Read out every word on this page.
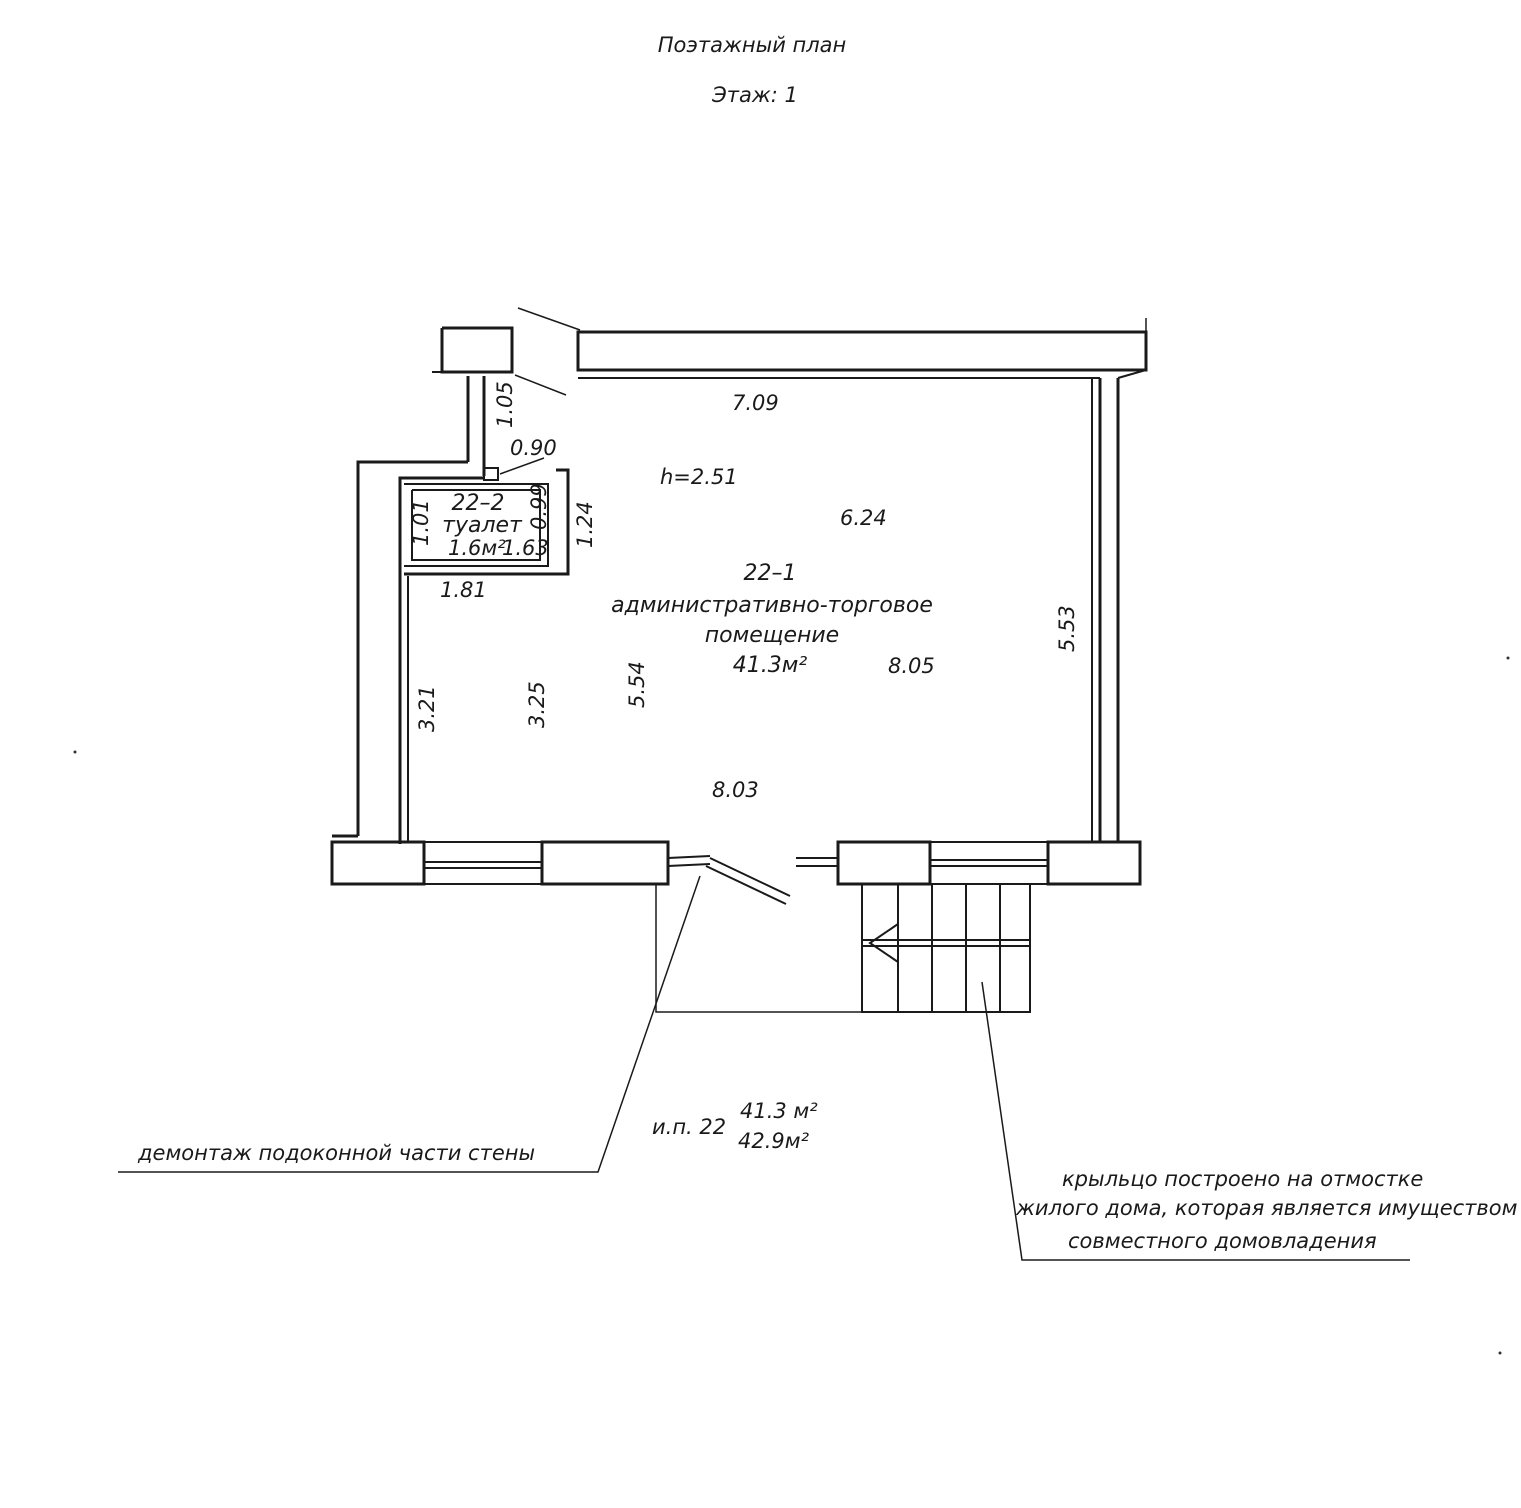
Поэтажный план
Этаж: 1
22–1
административно-торговое
помещение
41.3м²
22–2
туалет
1.6м²
h=2.51
7.09
6.24
8.05
8.03
1.81
0.90
1.63
5.53
5.54
3.25
3.21
1.24
1.05
0.99
1.01
и.п. 22
41.3 м²
42.9м²
демонтаж подоконной части стены
крыльцо построено на отмостке
жилого дома, которая является имуществом
совместного домовладения
